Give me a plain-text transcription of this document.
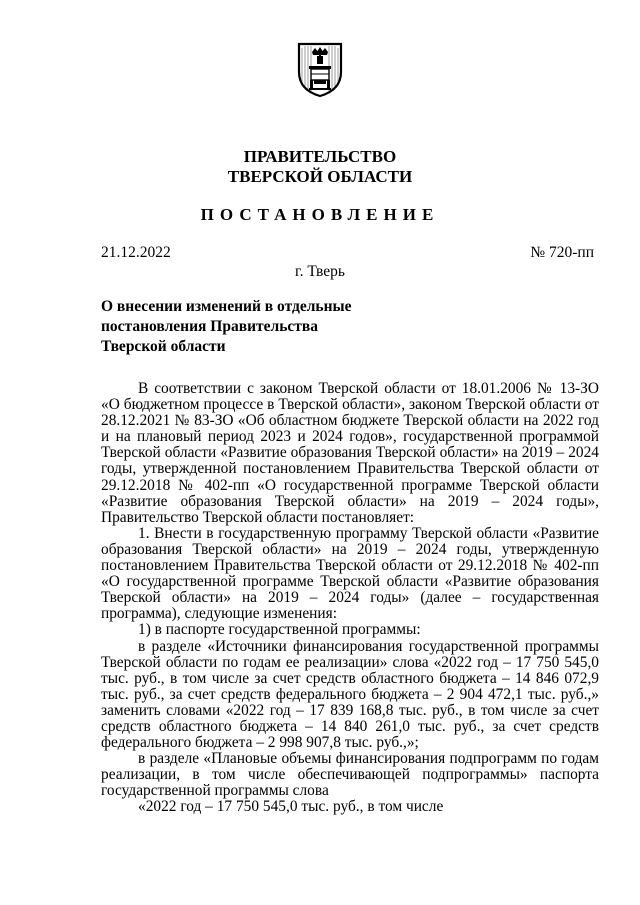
ПРАВИТЕЛЬСТВО
ТВЕРСКОЙ ОБЛАСТИ
ПОСТАНОВЛЕНИЕ
21.12.2022	№ 720-пп
г. Тверь
О внесении изменений в отдельные
постановления Правительства
Тверской области

В соответствии с законом Тверской области от 18.01.2006 № 13-ЗО «О бюджетном процессе в Тверской области», законом Тверской области от 28.12.2021 № 83-ЗО «Об областном бюджете Тверской области на 2022 год и на плановый период 2023 и 2024 годов», государственной программой Тверской области «Развитие образования Тверской области» на 2019 – 2024 годы, утвержденной постановлением Правительства Тверской области от 29.12.2018 № 402-пп «О государственной программе Тверской области «Развитие образования Тверской области» на 2019 – 2024 годы», Правительство Тверской области постановляет:

1. Внести в государственную программу Тверской области «Развитие образования Тверской области» на 2019 – 2024 годы, утвержденную постановлением Правительства Тверской области от 29.12.2018 № 402-пп «О государственной программе Тверской области «Развитие образования Тверской области» на 2019 – 2024 годы» (далее – государственная программа), следующие изменения:

1) в паспорте государственной программы:

в разделе «Источники финансирования государственной программы Тверской области по годам ее реализации» слова «2022 год – 17 750 545,0 тыс. руб., в том числе за счет средств областного бюджета – 14 846 072,9 тыс. руб., за счет средств федерального бюджета – 2 904 472,1 тыс. руб.,» заменить словами «2022 год – 17 839 168,8 тыс. руб., в том числе за счет средств областного бюджета – 14 840 261,0 тыс. руб., за счет средств федерального бюджета – 2 998 907,8 тыс. руб.,»;

в разделе «Плановые объемы финансирования подпрограмм по годам реализации, в том числе обеспечивающей подпрограммы» паспорта государственной программы слова

«2022 год – 17 750 545,0 тыс. руб., в том числе
